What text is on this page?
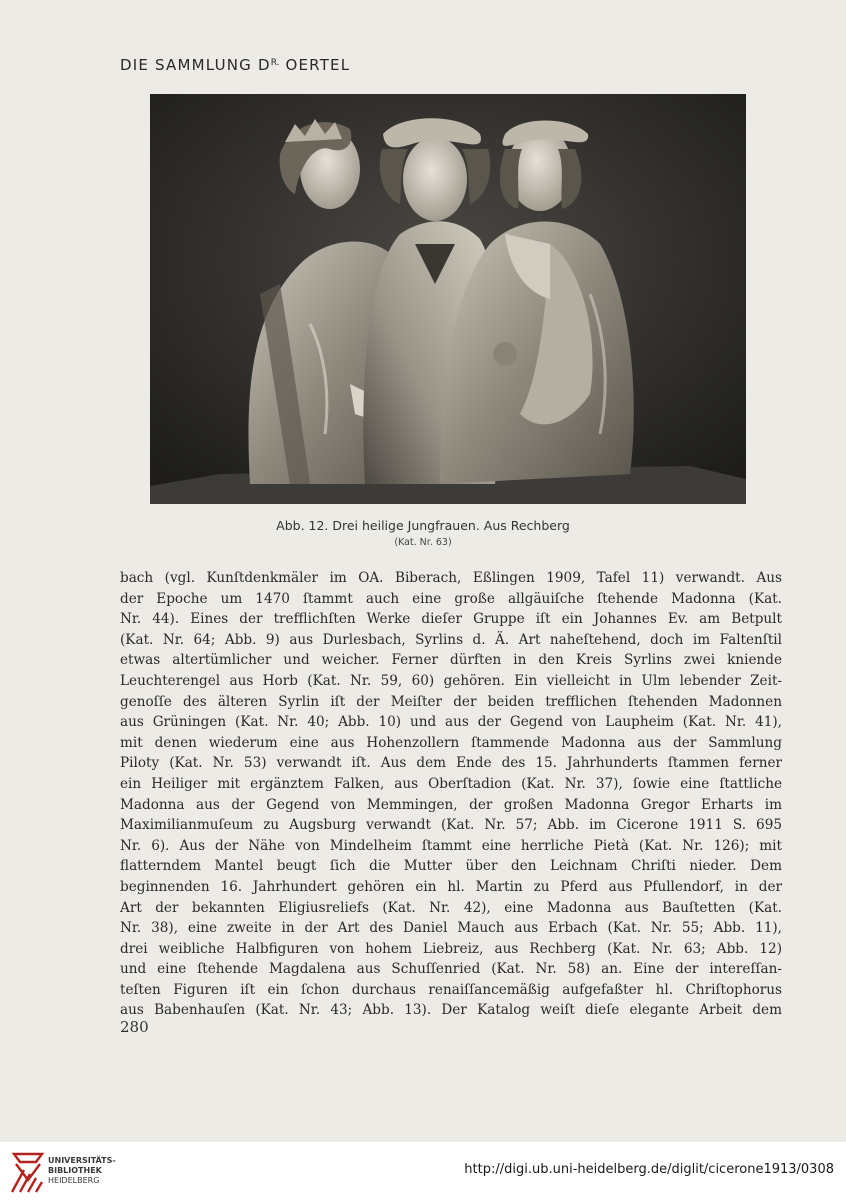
DIE SAMMLUNG $D^{R.}$ OERTEL
Abb. 12. Drei heilige Jungfrauen. Aus Rechberg
(Kat. Nr. 63)
bach (vgl. Kunſtdenkmäler im OA. Biberach, Eßlingen 1909, Tafel 11) verwandt. Aus
der Epoche um 1470 ſtammt auch eine große allgäuiſche ſtehende Madonna (Kat.
Nr. 44). Eines der trefflichſten Werke dieſer Gruppe iſt ein Johannes Ev. am Betpult
(Kat. Nr. 64; Abb. 9) aus Durlesbach, Syrlins d. Ä. Art naheſtehend, doch im Faltenſtil
etwas altertümlicher und weicher. Ferner dürften in den Kreis Syrlins zwei kniende
Leuchterengel aus Horb (Kat. Nr. 59, 60) gehören. Ein vielleicht in Ulm lebender Zeit-
genoſſe des älteren Syrlin iſt der Meiſter der beiden trefflichen ſtehenden Madonnen
aus Grüningen (Kat. Nr. 40; Abb. 10) und aus der Gegend von Laupheim (Kat. Nr. 41),
mit denen wiederum eine aus Hohenzollern ſtammende Madonna aus der Sammlung
Piloty (Kat. Nr. 53) verwandt iſt. Aus dem Ende des 15. Jahrhunderts ſtammen ferner
ein Heiliger mit ergänztem Falken, aus Oberſtadion (Kat. Nr. 37), ſowie eine ſtattliche
Madonna aus der Gegend von Memmingen, der großen Madonna Gregor Erharts im
Maximilianmuſeum zu Augsburg verwandt (Kat. Nr. 57; Abb. im Cicerone 1911 S. 695
Nr. 6). Aus der Nähe von Mindelheim ſtammt eine herrliche Pietà (Kat. Nr. 126); mit
flatterndem Mantel beugt ſich die Mutter über den Leichnam Chriſti nieder. Dem
beginnenden 16. Jahrhundert gehören ein hl. Martin zu Pferd aus Pfullendorf, in der
Art der bekannten Eligiusreliefs (Kat. Nr. 42), eine Madonna aus Bauſtetten (Kat.
Nr. 38), eine zweite in der Art des Daniel Mauch aus Erbach (Kat. Nr. 55; Abb. 11),
drei weibliche Halbfiguren von hohem Liebreiz, aus Rechberg (Kat. Nr. 63; Abb. 12)
und eine ſtehende Magdalena aus Schuſſenried (Kat. Nr. 58) an. Eine der intereſſan-
teſten Figuren iſt ein ſchon durchaus renaiſſancemäßig aufgefaßter hl. Chriſtophorus
aus Babenhauſen (Kat. Nr. 43; Abb. 13). Der Katalog weiſt dieſe elegante Arbeit dem
280
UNIVERSITÄTS-
BIBLIOTHEK
HEIDELBERG
http://digi.ub.uni-heidelberg.de/diglit/cicerone1913/0308
